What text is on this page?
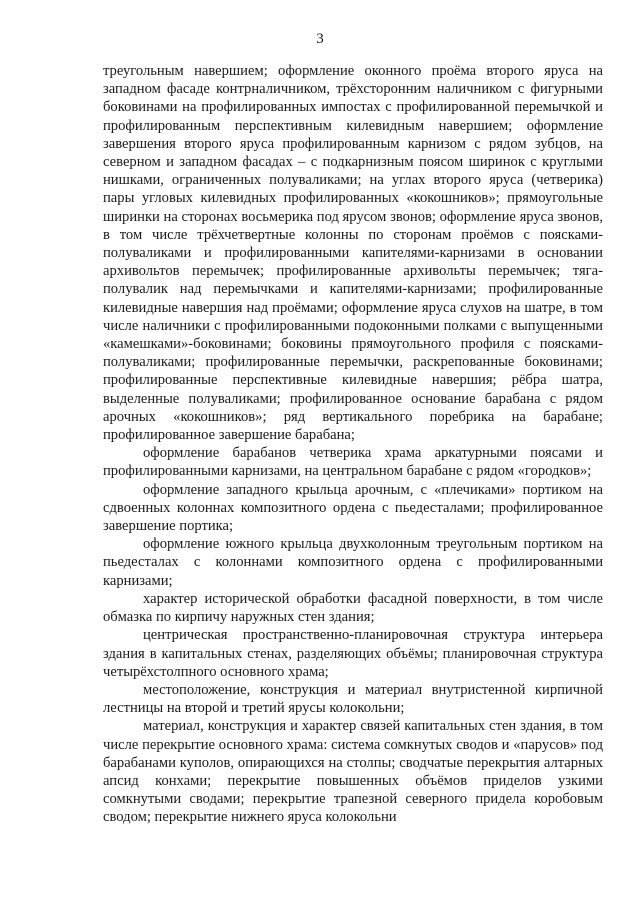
3

треугольным навершием; оформление оконного проёма второго яруса на западном фасаде контрналичником, трёхсторонним наличником с фигурными боковинами на профилированных импостах с профилированной перемычкой и профилированным перспективным килевидным навершием; оформление завершения второго яруса профилированным карнизом с рядом зубцов, на северном и западном фасадах – с подкарнизным поясом ширинок с круглыми нишками, ограниченных полуваликами; на углах второго яруса (четверика) пары угловых килевидных профилированных «кокошников»; прямоугольные ширинки на сторонах восьмерика под ярусом звонов; оформление яруса звонов, в том числе трёхчетвертные колонны по сторонам проёмов с поясками-полуваликами и профилированными капителями-карнизами в основании архивольтов перемычек; профилированные архивольты перемычек; тяга-полувалик над перемычками и капителями-карнизами; профилированные килевидные навершия над проёмами; оформление яруса слухов на шатре, в том числе наличники с профилированными подоконными полками с выпущенными «камешками»-боковинами; боковины прямоугольного профиля с поясками-полуваликами; профилированные перемычки, раскрепованные боковинами; профилированные перспективные килевидные навершия; рёбра шатра, выделенные полуваликами; профилированное основание барабана с рядом арочных «кокошников»; ряд вертикального поребрика на барабане; профилированное завершение барабана;

оформление барабанов четверика храма аркатурными поясами и профилированными карнизами, на центральном барабане с рядом «городков»;

оформление западного крыльца арочным, с «плечиками» портиком на сдвоенных колоннах композитного ордена с пьедесталами; профилированное завершение портика;

оформление южного крыльца двухколонным треугольным портиком на пьедесталах с колоннами композитного ордена с профилированными карнизами;

характер исторической обработки фасадной поверхности, в том числе обмазка по кирпичу наружных стен здания;

центрическая пространственно-планировочная структура интерьера здания в капитальных стенах, разделяющих объёмы; планировочная структура четырёхстолпного основного храма;

местоположение, конструкция и материал внутристенной кирпичной лестницы на второй и третий ярусы колокольни;

материал, конструкция и характер связей капитальных стен здания, в том числе перекрытие основного храма: система сомкнутых сводов и «парусов» под барабанами куполов, опирающихся на столпы; сводчатые перекрытия алтарных апсид конхами; перекрытие повышенных объёмов приделов узкими сомкнутыми сводами; перекрытие трапезной северного придела коробовым сводом; перекрытие нижнего яруса колокольни
